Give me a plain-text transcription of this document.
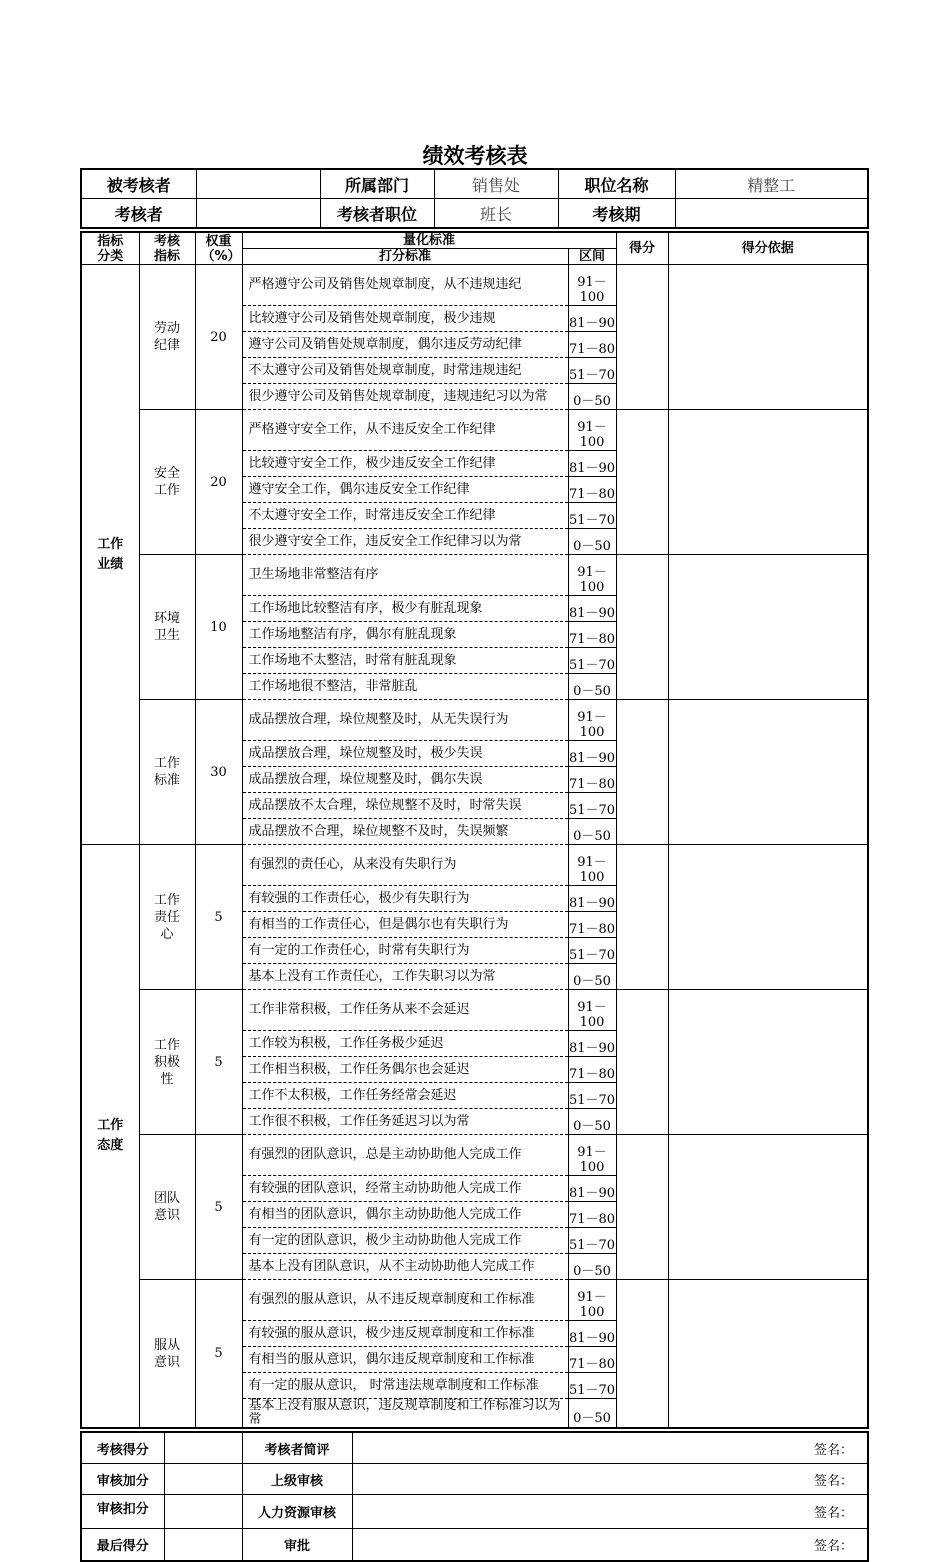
绩效考核表
被考核者		所属部门	销售处	职位名称	精整工
考核者		考核者职位	班长	考核期	
指标分类	考核指标	权重（%）	量化标准		得分	得分依据
			打分标准	区间		
工作业绩	劳动纪律	20	严格遵守公司及销售处规章制度，从不违规违纪	91－100		
			比较遵守公司及销售处规章制度，极少违规	81－90		
			遵守公司及销售处规章制度，偶尔违反劳动纪律	71－80		
			不太遵守公司及销售处规章制度，时常违规违纪	51－70		
			很少遵守公司及销售处规章制度，违规违纪习以为常	0－50		
	安全工作	20	严格遵守安全工作，从不违反安全工作纪律	91－100		
			比较遵守安全工作，极少违反安全工作纪律	81－90		
			遵守安全工作，偶尔违反安全工作纪律	71－80		
			不太遵守安全工作，时常违反安全工作纪律	51－70		
			很少遵守安全工作，违反安全工作纪律习以为常	0－50		
	环境卫生	10	卫生场地非常整洁有序	91－100		
			工作场地比较整洁有序，极少有脏乱现象	81－90		
			工作场地整洁有序，偶尔有脏乱现象	71－80		
			工作场地不太整洁，时常有脏乱现象	51－70		
			工作场地很不整洁，非常脏乱	0－50		
	工作标准	30	成品摆放合理，垛位规整及时，从无失误行为	91－100		
			成品摆放合理，垛位规整及时，极少失误	81－90		
			成品摆放合理，垛位规整及时，偶尔失误	71－80		
			成品摆放不太合理，垛位规整不及时，时常失误	51－70		
			成品摆放不合理，垛位规整不及时，失误频繁	0－50		
工作态度	工作责任心	5	有强烈的责任心，从来没有失职行为	91－100		
			有较强的工作责任心，极少有失职行为	81－90		
			有相当的工作责任心，但是偶尔也有失职行为	71－80		
			有一定的工作责任心，时常有失职行为	51－70		
			基本上没有工作责任心，工作失职习以为常	0－50		
	工作积极性	5	工作非常积极，工作任务从来不会延迟	91－100		
			工作较为积极，工作任务极少延迟	81－90		
			工作相当积极，工作任务偶尔也会延迟	71－80		
			工作不太积极，工作任务经常会延迟	51－70		
			工作很不积极，工作任务延迟习以为常	0－50		
	团队意识	5	有强烈的团队意识，总是主动协助他人完成工作	91－100		
			有较强的团队意识，经常主动协助他人完成工作	81－90		
			有相当的团队意识，偶尔主动协助他人完成工作	71－80		
			有一定的团队意识，极少主动协助他人完成工作	51－70		
			基本上没有团队意识，从不主动协助他人完成工作	0－50		
	服从意识	5	有强烈的服从意识，从不违反规章制度和工作标准	91－100		
			有较强的服从意识，极少违反规章制度和工作标准	81－90		
			有相当的服从意识，偶尔违反规章制度和工作标准	71－80		
			有一定的服从意识， 时常违法规章制度和工作标准	51－70		
			基本上没有服从意识，违反规章制度和工作标准习以为常	0－50		
考核得分		考核者简评	签名：
审核加分		上级审核	签名：
审核扣分		人力资源审核	签名：
最后得分		审批	签名：
